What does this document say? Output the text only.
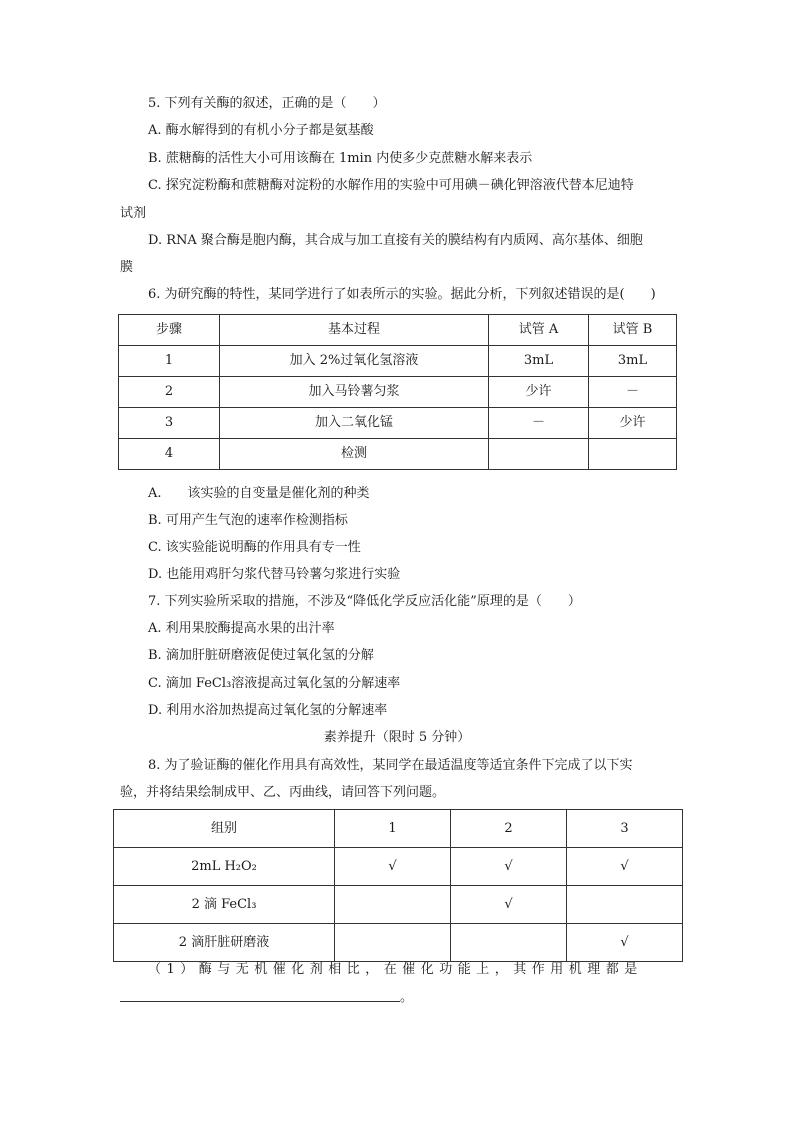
5. 下列有关酶的叙述，正确的是（　　）
A. 酶水解得到的有机小分子都是氨基酸
B. 蔗糖酶的活性大小可用该酶在 1min 内使多少克蔗糖水解来表示
C. 探究淀粉酶和蔗糖酶对淀粉的水解作用的实验中可用碘－碘化钾溶液代替本尼迪特
试剂
D. RNA 聚合酶是胞内酶，其合成与加工直接有关的膜结构有内质网、高尔基体、细胞
膜
6. 为研究酶的特性，某同学进行了如表所示的实验。据此分析，下列叙述错误的是(　　)
步骤	基本过程	试管 A	试管 B
1	加入 2%过氧化氢溶液	3mL	3mL
2	加入马铃薯匀浆	少许	－
3	加入二氧化锰	－	少许
4	检测		
A.　　该实验的自变量是催化剂的种类
B. 可用产生气泡的速率作检测指标
C. 该实验能说明酶的作用具有专一性
D. 也能用鸡肝匀浆代替马铃薯匀浆进行实验
7. 下列实验所采取的措施，不涉及“降低化学反应活化能”原理的是（　　）
A. 利用果胶酶提高水果的出汁率
B. 滴加肝脏研磨液促使过氧化氢的分解
C. 滴加 FeCl₃溶液提高过氧化氢的分解速率
D. 利用水浴加热提高过氧化氢的分解速率
素养提升（限时 5 分钟）
8. 为了验证酶的催化作用具有高效性，某同学在最适温度等适宜条件下完成了以下实
验，并将结果绘制成甲、乙、丙曲线，请回答下列问题。
组别	1	2	3
2mL H₂O₂	√	√	√
2 滴 FeCl₃		√	
2 滴肝脏研磨液			√
（1）酶与无机催化剂相比，在催化功能上，其作用机理都是
。
